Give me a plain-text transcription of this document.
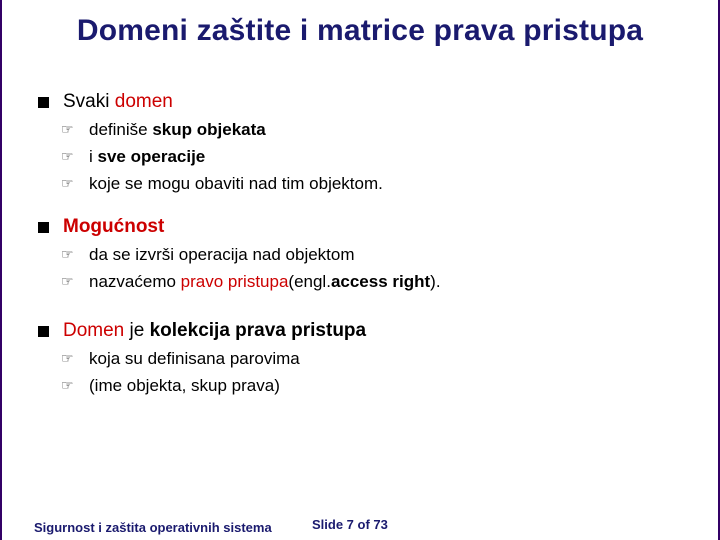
Domeni zaštite i matrice prava pristupa
Svaki
domen
☞ definiše
skup objekata
☞ i
sve operacije
☞ koje se mogu obaviti nad tim objektom.
Mogućnost
☞ da se izvrši operacija nad objektom
☞ nazvaćemo
pravo pristupa (engl. access right ).
Domen je kolekcija prava pristupa
☞ koja su definisana parovima
☞ (ime objekta, skup prava)
Sigurnost i zaštita operativnih sistema	Slide 7 of 73
